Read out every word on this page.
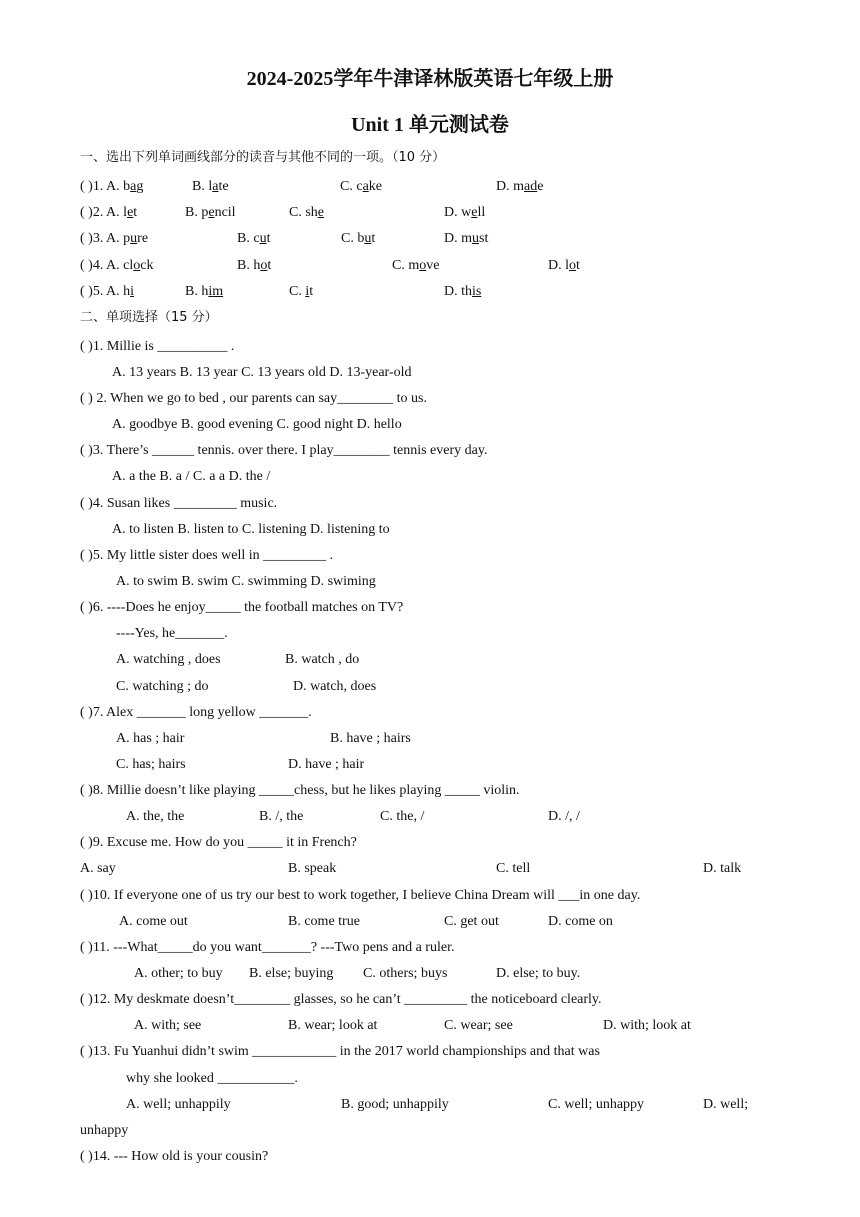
2024-2025学年牛津译林版英语七年级上册
Unit 1 单元测试卷
一、选出下列单词画线部分的读音与其他不同的一项。（10 分）
( )1. A. bag	B. late	C. cake	D. made
( )2. A. let	B. pencil	C. she	D. well
( )3. A. pure	B. cut	C. but	D. must
( )4. A. clock	B. hot	C. move	D. lot
( )5. A. hi	B. him	C. it	D. this
二、单项选择（15 分）
( )1. Millie is __________ .
A. 13 years B. 13 year C. 13 years old D. 13-year-old
( ) 2. When we go to bed , our parents can say________ to us.
A. goodbye B. good evening C. good night D. hello
( )3. There’s ______ tennis. over there. I play________ tennis every day.
A. a the B. a / C. a a D. the /
( )4. Susan likes _________ music.
A. to listen B. listen to C. listening D. listening to
( )5. My little sister does well in _________ .
A. to swim B. swim C. swimming D. swiming
( )6. ----Does he enjoy_____ the football matches on TV?
----Yes, he_______.
A. watching , does	B. watch , do
C. watching ; do	D. watch, does
( )7. Alex _______ long yellow _______.
A. has ; hair	B. have ; hairs
C. has; hairs	D. have ; hair
( )8. Millie doesn’t like playing _____chess, but he likes playing _____ violin.
A. the, the	B. /, the	C. the, /	D. /, /
( )9. Excuse me. How do you _____ it in French?
A. say	B. speak	C. tell	D. talk
( )10. If everyone one of us try our best to work together, I believe China Dream will ___in one day.
A. come out	B. come true	C. get out	D. come on
( )11. ---What_____do you want_______? ---Two pens and a ruler.
A. other; to buy B. else; buying C. others; buys	D. else; to buy.
( )12. My deskmate doesn’t________ glasses, so he can’t _________ the noticeboard clearly.
A. with; see	B. wear; look at	C. wear; see	D. with; look at
( )13. Fu Yuanhui didn’t swim ____________ in the 2017 world championships and that was
why she looked ___________.
A. well; unhappily	B. good; unhappily	C. well; unhappy	D. well;
unhappy
( )14. --- How old is your cousin?
